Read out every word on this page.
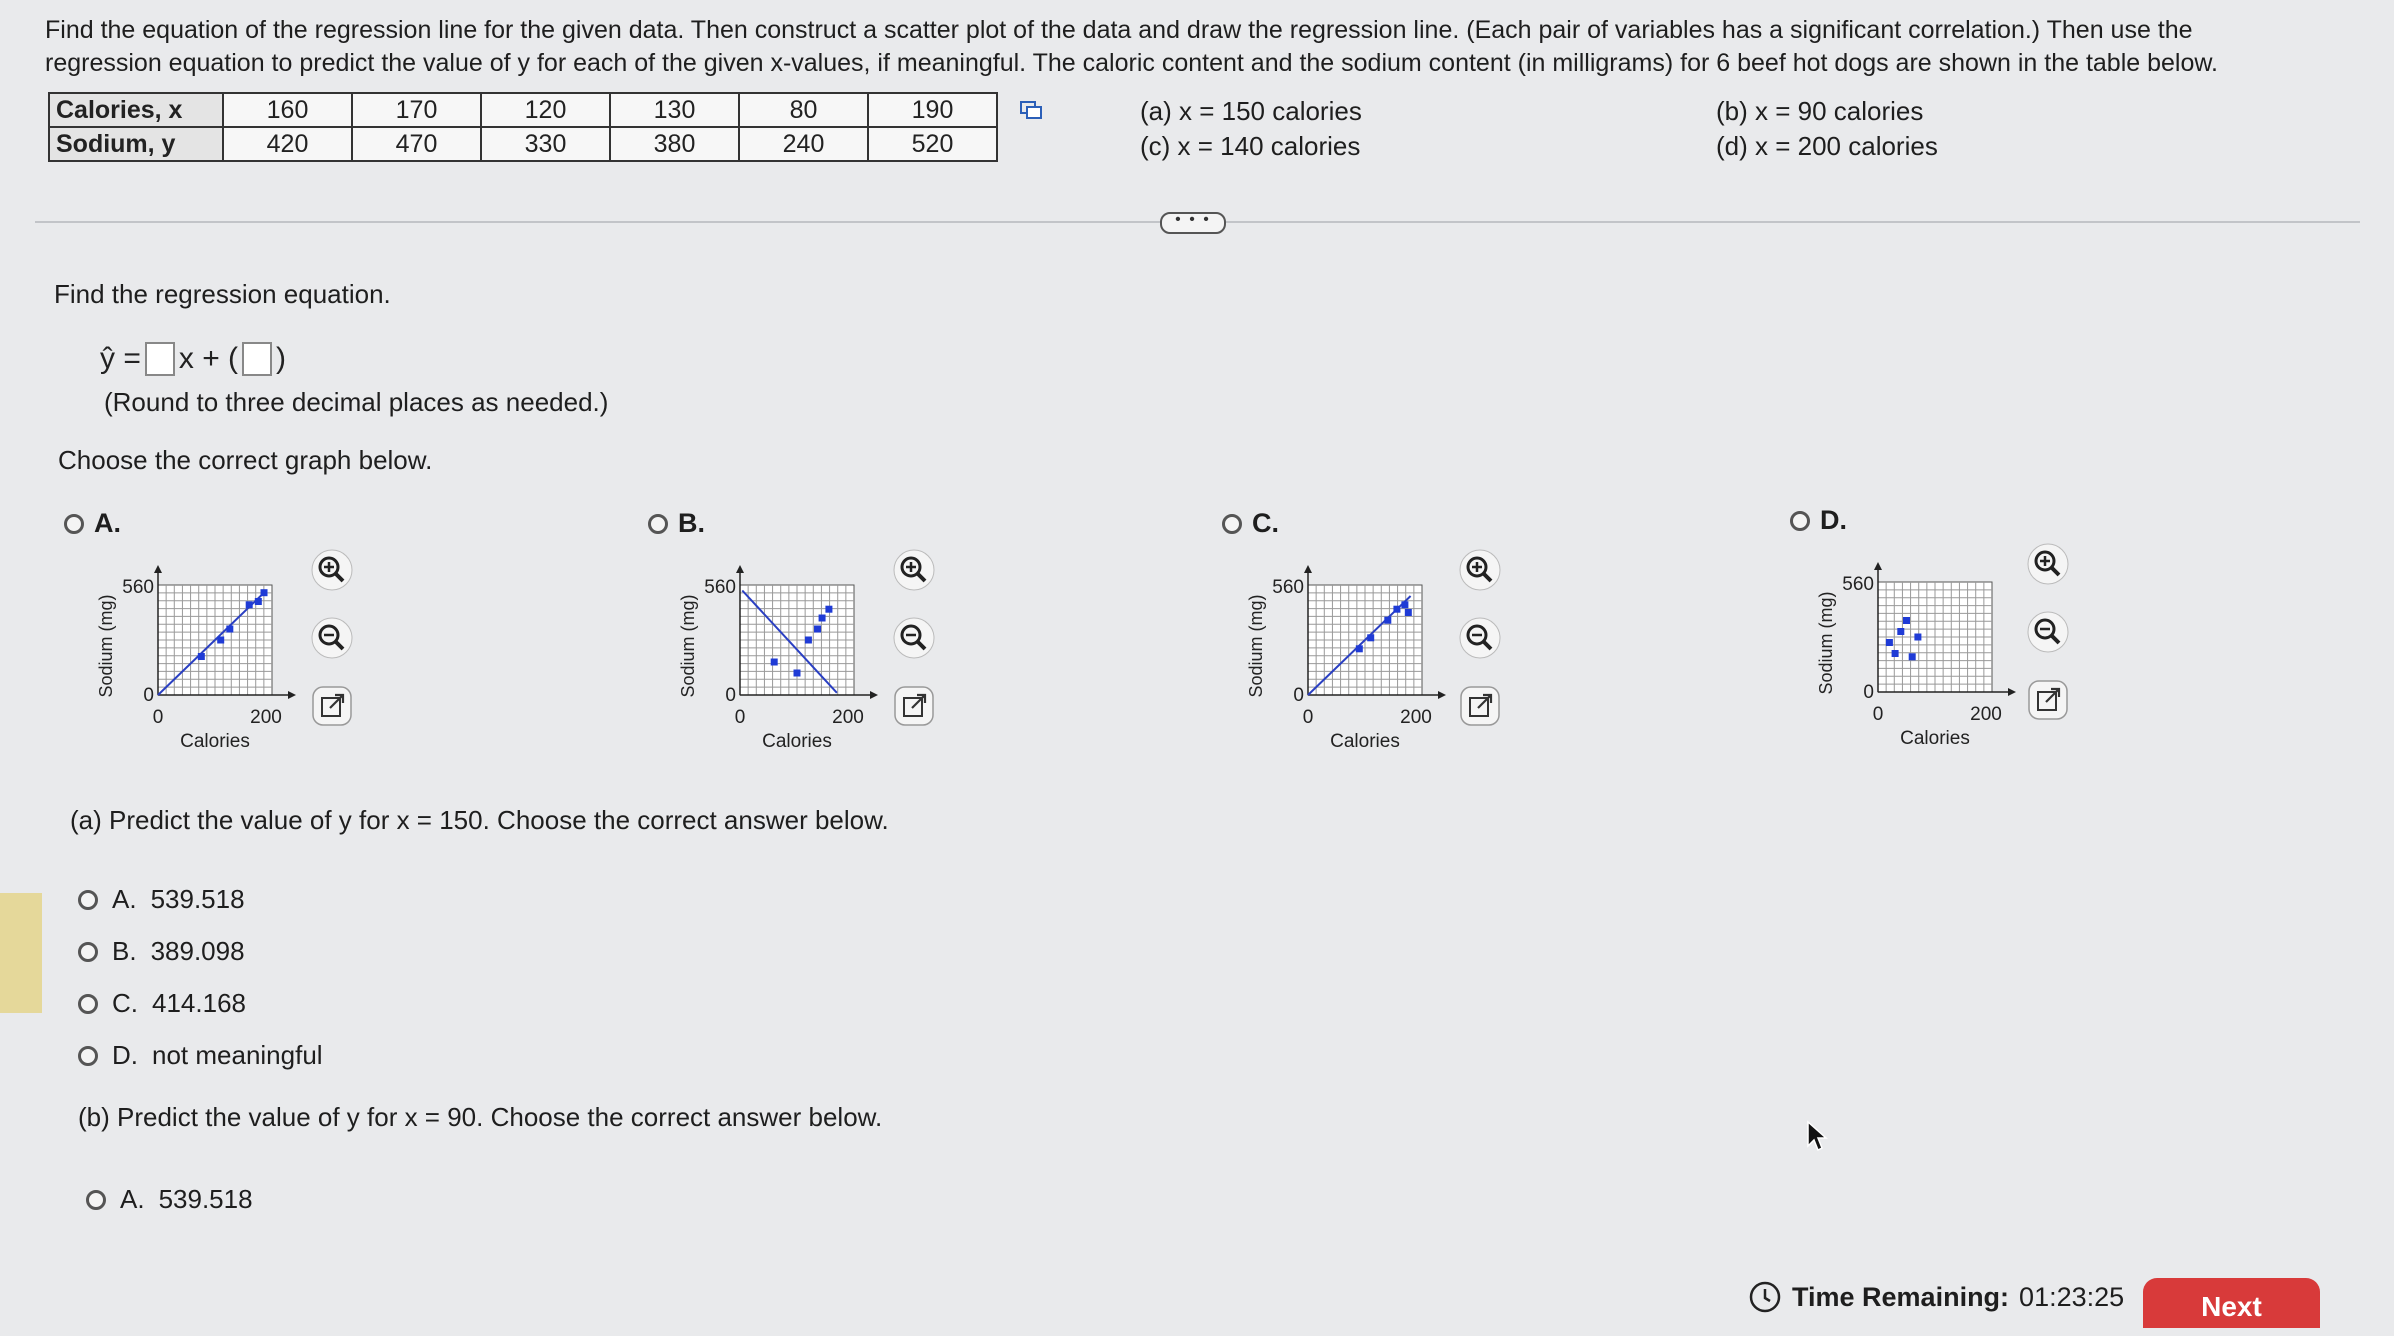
Find the equation of the regression line for the given data. Then construct a scatter plot of the data and draw the regression line. (Each pair of variables has a significant correlation.) Then use the
regression equation to predict the value of y for each of the given x-values, if meaningful. The caloric content and the sodium content (in milligrams) for 6 beef hot dogs are shown in the table below.
Calories, x	160	170	120	130	80	190
Sodium, y	420	470	330	380	240	520
(a) x = 150 calories	(b) x = 90 calories
(c) x = 140 calories	(d) x = 200 calories
• • •
Find the regression equation.
ŷ = x + ( )
(Round to three decimal places as needed.)
Choose the correct graph below.
A.
560
0
0	200
Calories
Sodium (mg)
B.
560
0
0	200
Calories
Sodium (mg)
C.
560
0
0	200
Calories
Sodium (mg)
D.
560
0
0	200
Calories
Sodium (mg)
(a) Predict the value of y for x = 150. Choose the correct answer below.
A. 539.518
B. 389.098
C. 414.168
D. not meaningful
(b) Predict the value of y for x = 90. Choose the correct answer below.
A. 539.518
Time Remaining: 01:23:25	Next
